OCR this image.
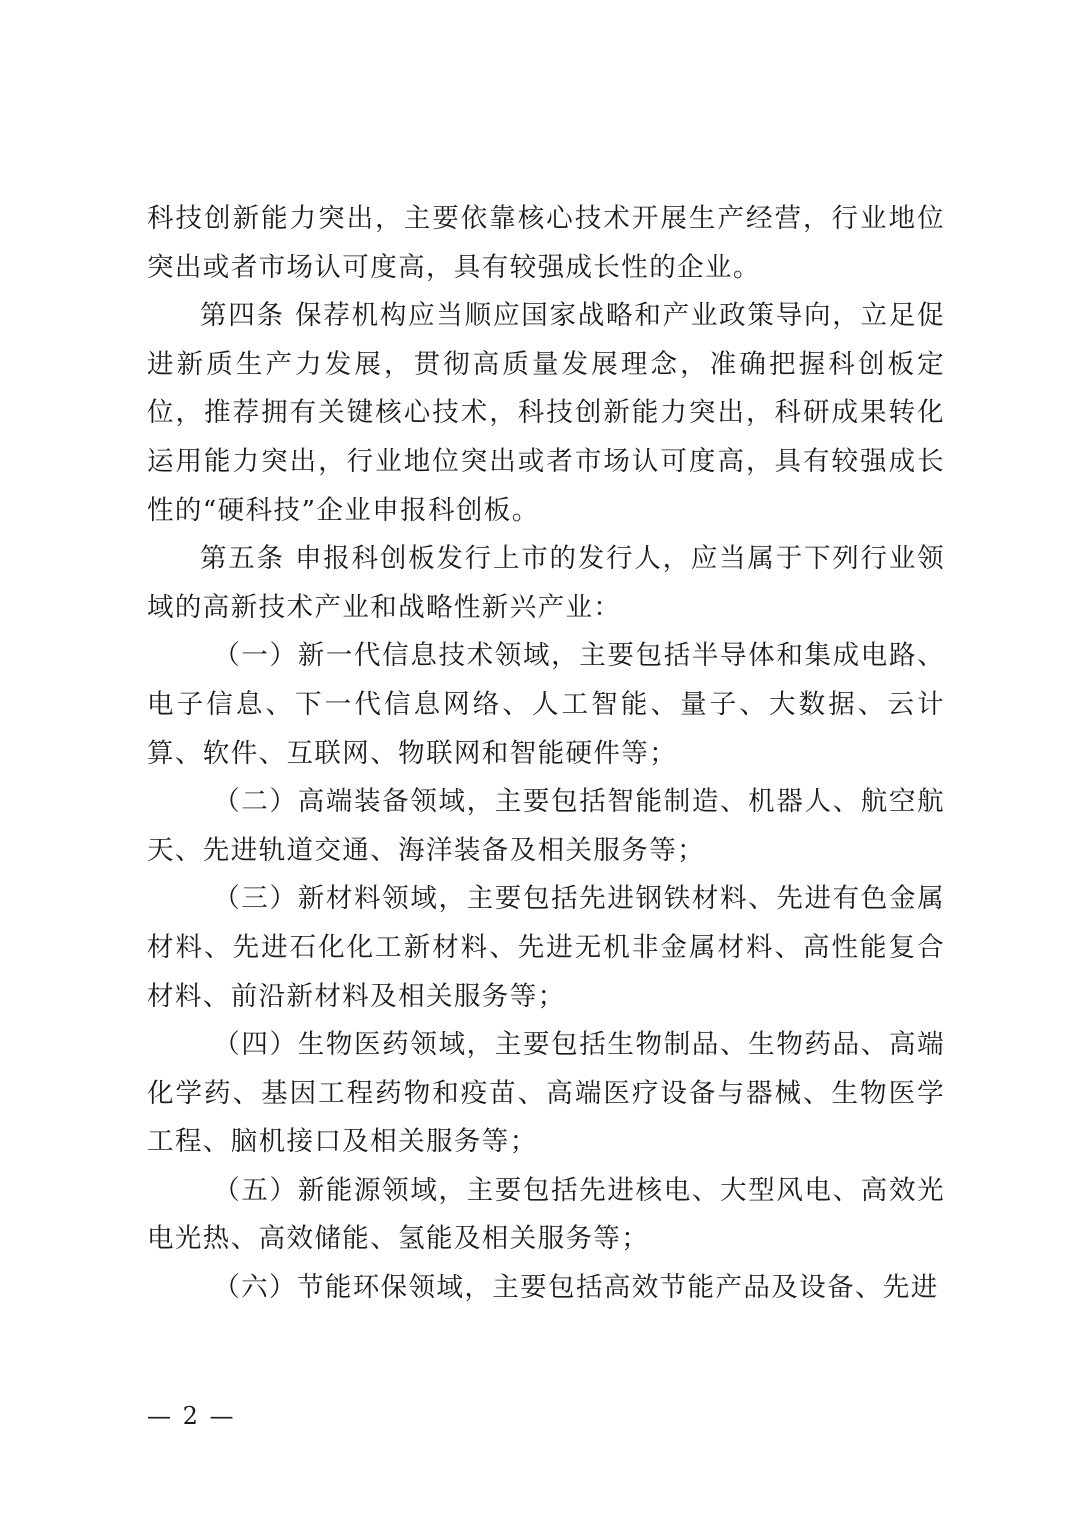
科技创新能力突出，主要依靠核心技术开展生产经营，行业地位突出或者市场认可度高，具有较强成长性的企业。

第四条 保荐机构应当顺应国家战略和产业政策导向，立足促进新质生产力发展，贯彻高质量发展理念，准确把握科创板定位，推荐拥有关键核心技术，科技创新能力突出，科研成果转化运用能力突出，行业地位突出或者市场认可度高，具有较强成长性的“硬科技”企业申报科创板。

第五条 申报科创板发行上市的发行人，应当属于下列行业领域的高新技术产业和战略性新兴产业：

（一）新一代信息技术领域，主要包括半导体和集成电路、电子信息、下一代信息网络、人工智能、量子、大数据、云计算、软件、互联网、物联网和智能硬件等；

（二）高端装备领域，主要包括智能制造、机器人、航空航天、先进轨道交通、海洋装备及相关服务等；

（三）新材料领域，主要包括先进钢铁材料、先进有色金属材料、先进石化化工新材料、先进无机非金属材料、高性能复合材料、前沿新材料及相关服务等；

（四）生物医药领域，主要包括生物制品、生物药品、高端化学药、基因工程药物和疫苗、高端医疗设备与器械、生物医学工程、脑机接口及相关服务等；

（五）新能源领域，主要包括先进核电、大型风电、高效光电光热、高效储能、氢能及相关服务等；

（六）节能环保领域，主要包括高效节能产品及设备、先进

— 2 —
